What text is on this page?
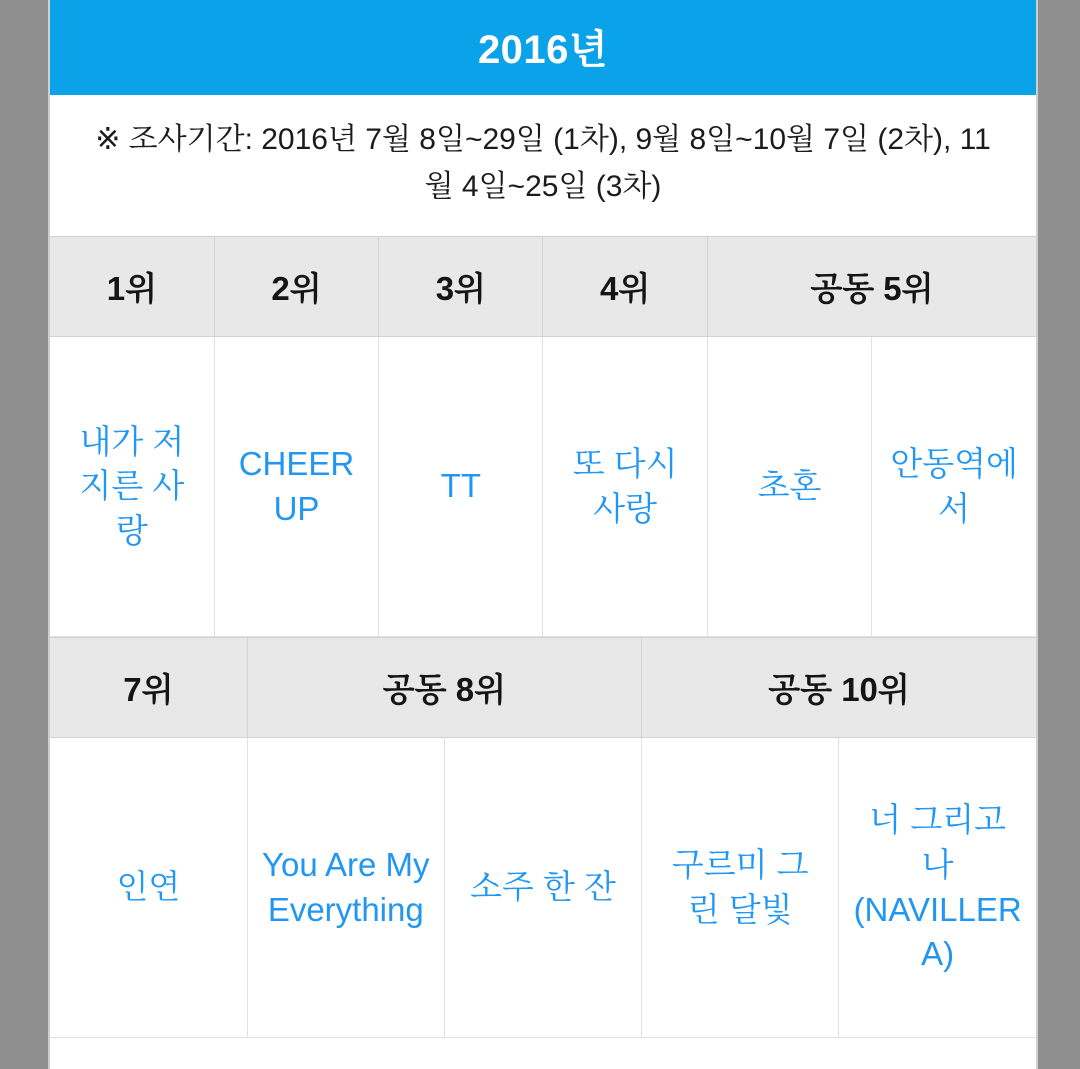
2016년
※ 조사기간: 2016년 7월 8일~29일 (1차), 9월 8일~10월 7일 (2차), 11월 4일~25일 (3차)
1위	2위	3위	4위	공동 5위	
내가 저지른 사랑	CHEER UP	TT	또 다시 사랑	초혼	안동역에서
7위	공동 8위		공동 10위	
인연	You Are My Everything	소주 한 잔	구르미 그린 달빛	너 그리고 나 (NAVILLERA)
